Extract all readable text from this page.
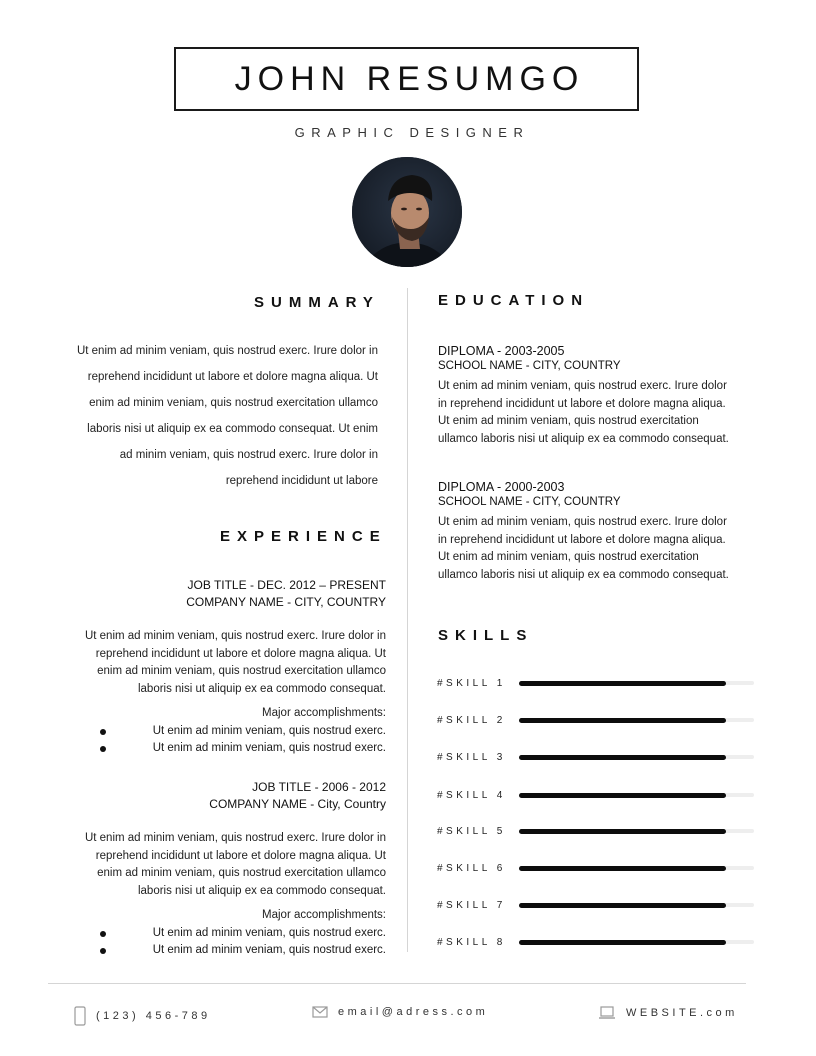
JOHN RESUMGO
GRAPHIC DESIGNER
SUMMARY
Ut enim ad minim veniam, quis nostrud exerc. Irure dolor in
reprehend incididunt ut labore et dolore magna aliqua. Ut
enim ad minim veniam, quis nostrud exercitation ullamco
laboris nisi ut aliquip ex ea commodo consequat. Ut enim
ad minim veniam, quis nostrud exerc. Irure dolor in
reprehend incididunt ut labore
EXPERIENCE
JOB TITLE - DEC. 2012 – PRESENT
COMPANY NAME - CITY, COUNTRY
Ut enim ad minim veniam, quis nostrud exerc. Irure dolor in
reprehend incididunt ut labore et dolore magna aliqua. Ut
enim ad minim veniam, quis nostrud exercitation ullamco
laboris nisi ut aliquip ex ea commodo consequat.
Major accomplishments:
Ut enim ad minim veniam, quis nostrud exerc.
Ut enim ad minim veniam, quis nostrud exerc.
JOB TITLE - 2006 - 2012
COMPANY NAME - City, Country
Ut enim ad minim veniam, quis nostrud exerc. Irure dolor in
reprehend incididunt ut labore et dolore magna aliqua. Ut
enim ad minim veniam, quis nostrud exercitation ullamco
laboris nisi ut aliquip ex ea commodo consequat.
Major accomplishments:
Ut enim ad minim veniam, quis nostrud exerc.
Ut enim ad minim veniam, quis nostrud exerc.
EDUCATION
DIPLOMA - 2003-2005
SCHOOL NAME - CITY, COUNTRY
Ut enim ad minim veniam, quis nostrud exerc. Irure dolor
in reprehend incididunt ut labore et dolore magna aliqua.
Ut enim ad minim veniam, quis nostrud exercitation
ullamco laboris nisi ut aliquip ex ea commodo consequat.
DIPLOMA - 2000-2003
SCHOOL NAME - CITY, COUNTRY
Ut enim ad minim veniam, quis nostrud exerc. Irure dolor
in reprehend incididunt ut labore et dolore magna aliqua.
Ut enim ad minim veniam, quis nostrud exercitation
ullamco laboris nisi ut aliquip ex ea commodo consequat.
SKILLS
#SKILL 1
#SKILL 2
#SKILL 3
#SKILL 4
#SKILL 5
#SKILL 6
#SKILL 7
#SKILL 8
(123) 456-789	email@adress.com	WEBSITE.com
